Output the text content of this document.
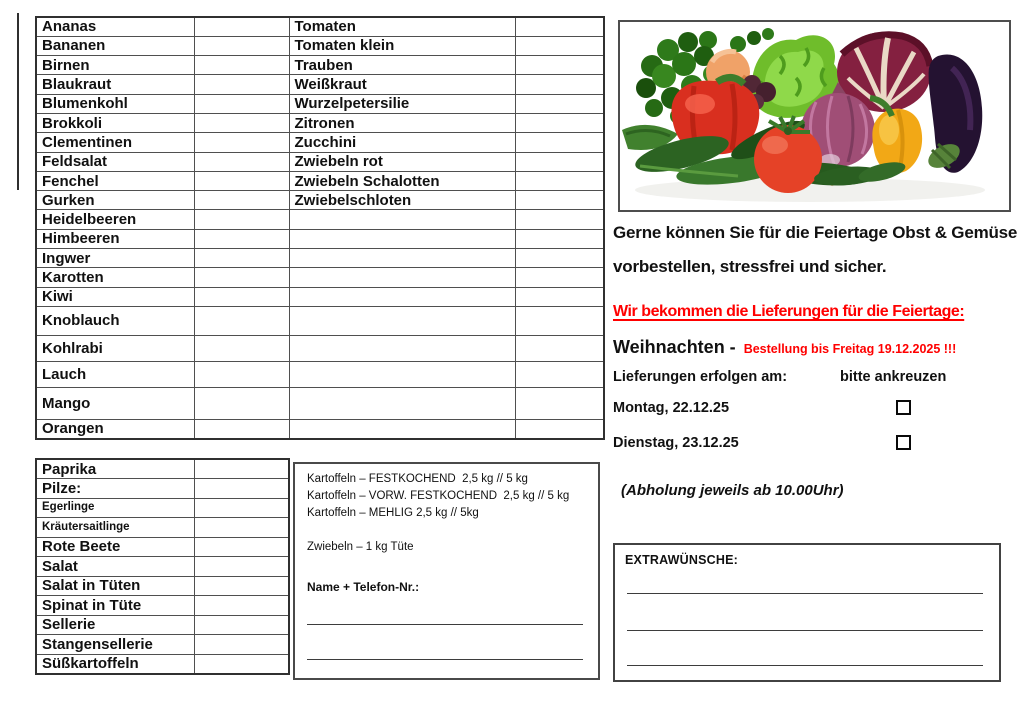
Ananas		Tomaten	
Bananen		Tomaten klein	
Birnen		Trauben	
Blaukraut		Weißkraut	
Blumenkohl		Wurzelpetersilie	
Brokkoli		Zitronen	
Clementinen		Zucchini	
Feldsalat		Zwiebeln rot	
Fenchel		Zwiebeln Schalotten	
Gurken		Zwiebelschloten	
Heidelbeeren			
Himbeeren			
Ingwer			
Karotten			
Kiwi			
Knoblauch			
Kohlrabi			
Lauch			
Mango			
Orangen			
Paprika	
Pilze:	
Egerlinge	
Kräutersaitlinge	
Rote Beete	
Salat	
Salat in Tüten	
Spinat in Tüte	
Sellerie	
Stangensellerie	
Süßkartoffeln	
Kartoffeln – FESTKOCHEND  2,5 kg // 5 kg
Kartoffeln – VORW. FESTKOCHEND  2,5 kg // 5 kg
Kartoffeln – MEHLIG 2,5 kg // 5kg
Zwiebeln – 1 kg Tüte
Name + Telefon-Nr.:
Gerne können Sie für die Feiertage Obst & Gemüse vorbestellen, stressfrei und sicher.
Wir bekommen die Lieferungen für die Feiertage:
Weihnachten - Bestellung bis Freitag 19.12.2025 !!!
Lieferungen erfolgen am:	bitte ankreuzen
Montag, 22.12.25
Dienstag, 23.12.25
(Abholung jeweils ab 10.00Uhr)
EXTRAWÜNSCHE:
